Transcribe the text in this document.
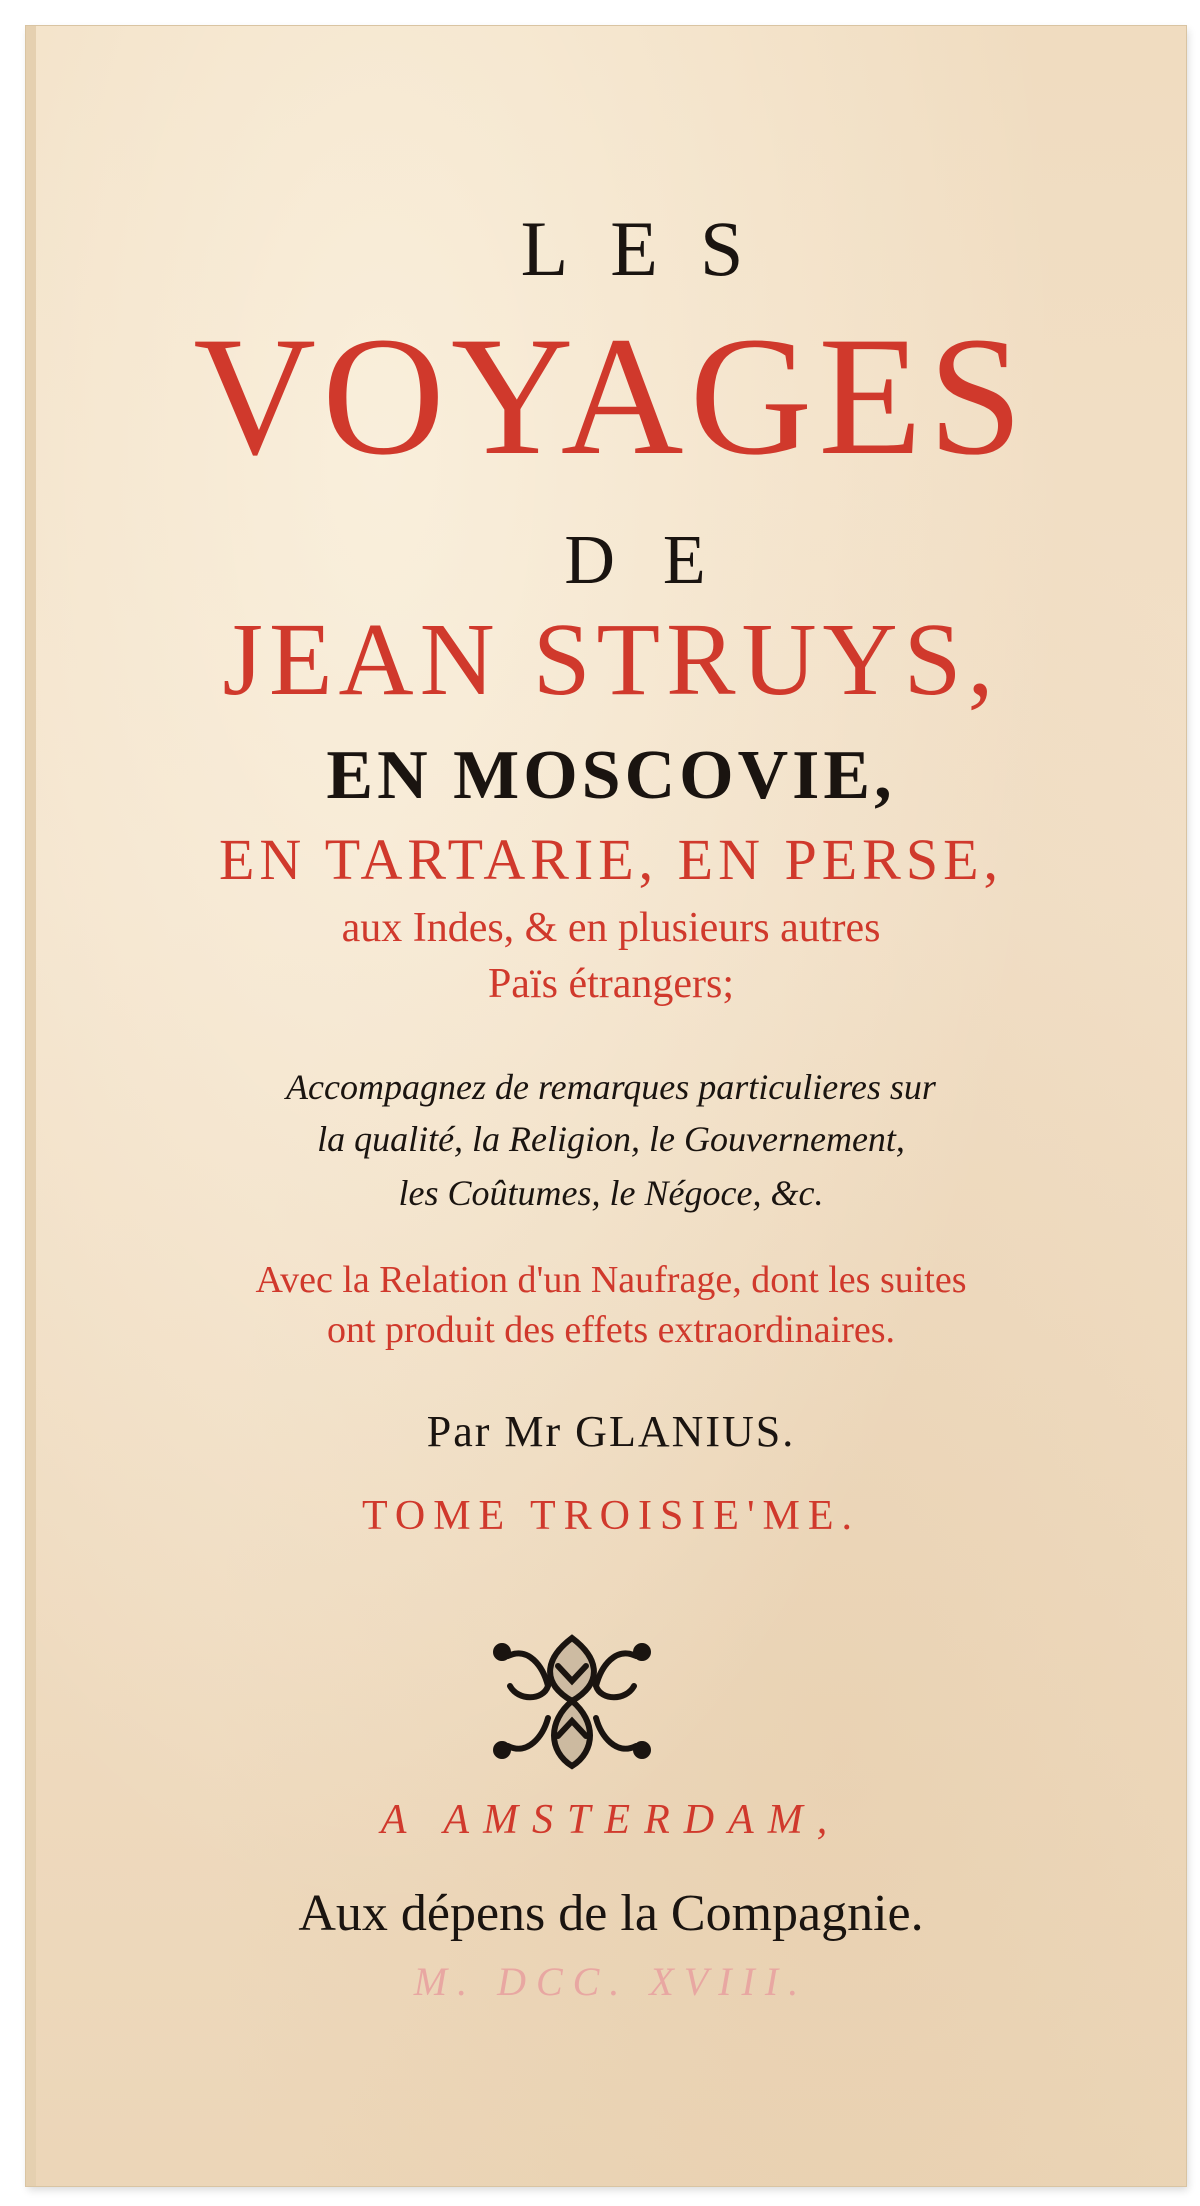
LES
VOYAGES
DE
JEAN STRUYS,
EN MOSCOVIE,
EN TARTARIE, EN PERSE,
aux Indes, & en plusieurs autres
Païs étrangers;
Accompagnez de remarques particulieres sur
la qualité, la Religion, le Gouvernement,
les Coûtumes, le Négoce, &c.
Avec la Relation d'un Naufrage, dont les suites
ont produit des effets extraordinaires.
Par Mr GLANIUS.
TOME TROISIE'ME.
A AMSTERDAM,
Aux dépens de la Compagnie.
M. DCC. XVIII.
